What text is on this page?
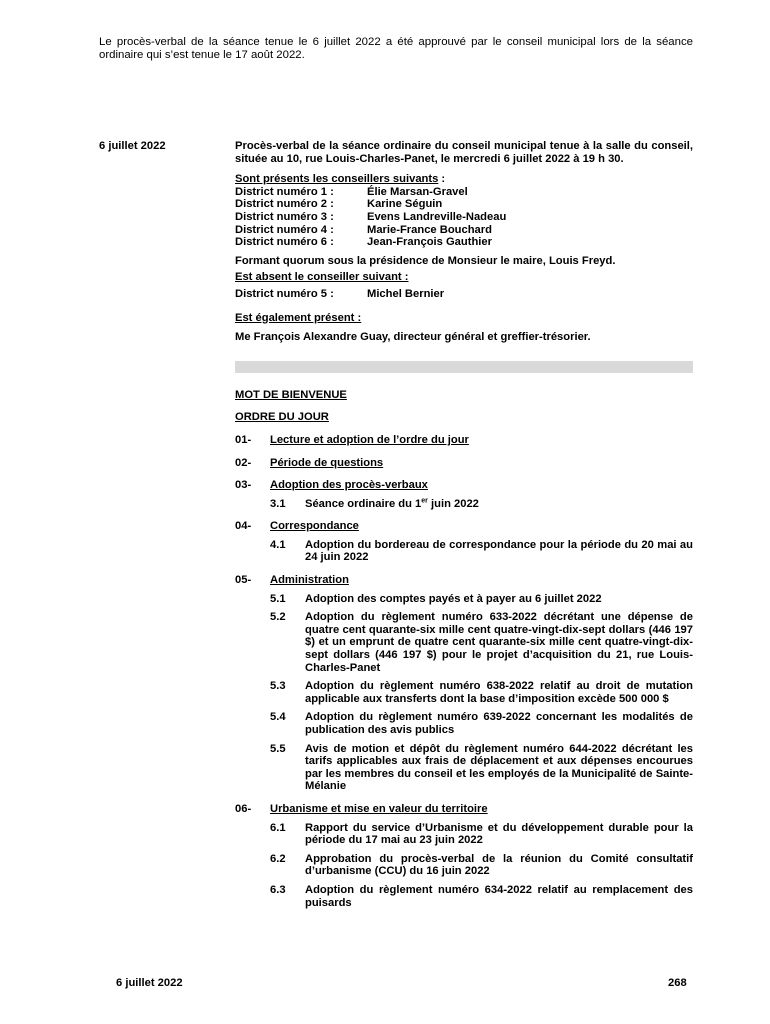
Le procès-verbal de la séance tenue le 6 juillet 2022 a été approuvé par le conseil municipal lors de la séance ordinaire qui s’est tenue le 17 août 2022.
6 juillet 2022	Procès-verbal de la séance ordinaire du conseil municipal tenue à la salle du conseil, située au 10, rue Louis-Charles-Panet, le mercredi 6 juillet 2022 à 19 h 30.

Sont présents les conseillers suivants :
District numéro 1 :	Élie Marsan-Gravel
District numéro 2 :	Karine Séguin
District numéro 3 :	Evens Landreville-Nadeau
District numéro 4 :	Marie-France Bouchard
District numéro 6 :	Jean-François Gauthier
Formant quorum sous la présidence de Monsieur le maire, Louis Freyd.
Est absent le conseiller suivant :
District numéro 5 :	Michel Bernier
Est également présent :
Me François Alexandre Guay, directeur général et greffier-trésorier.
MOT DE BIENVENUE
ORDRE DU JOUR
01-	Lecture et adoption de l’ordre du jour
02-	Période de questions
03-	Adoption des procès-verbaux
3.1	Séance ordinaire du 1er juin 2022
04-	Correspondance
4.1	Adoption du bordereau de correspondance pour la période du 20 mai au 24 juin 2022
05-	Administration
5.1	Adoption des comptes payés et à payer au 6 juillet 2022
5.2	Adoption du règlement numéro 633-2022 décrétant une dépense de quatre cent quarante-six mille cent quatre-vingt-dix-sept dollars (446 197 $) et un emprunt de quatre cent quarante-six mille cent quatre-vingt-dix-sept dollars (446 197 $) pour le projet d’acquisition du 21, rue Louis-Charles-Panet
5.3	Adoption du règlement numéro 638-2022 relatif au droit de mutation applicable aux transferts dont la base d’imposition excède 500 000 $
5.4	Adoption du règlement numéro 639-2022 concernant les modalités de publication des avis publics
5.5	Avis de motion et dépôt du règlement numéro 644-2022 décrétant les tarifs applicables aux frais de déplacement et aux dépenses encourues par les membres du conseil et les employés de la Municipalité de Sainte-Mélanie
06-	Urbanisme et mise en valeur du territoire
6.1	Rapport du service d’Urbanisme et du développement durable pour la période du 17 mai au 23 juin 2022
6.2	Approbation du procès-verbal de la réunion du Comité consultatif d’urbanisme (CCU) du 16 juin 2022
6.3	Adoption du règlement numéro 634-2022 relatif au remplacement des puisards
6 juillet 2022	268
